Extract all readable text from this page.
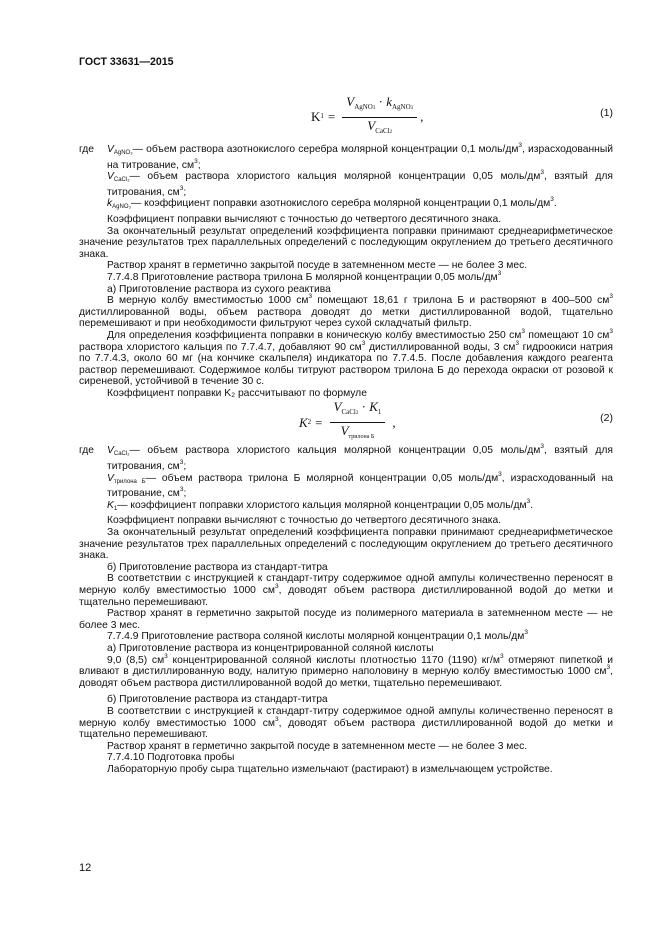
ГОСТ 33631—2015
K $1 = \frac{V_{AgNO3} \cdot k_{AgNO3}}{V_{CaCl2}}$ ,	(1)
где $V_{AgNO_3}—$ объем раствора азотнокислого серебра молярной концентрации 0,1 моль/$дм^3$, израсходованный на титрование, $см^3$;
$V_{CaCl_2}—$ объем раствора хлористого кальция молярной концентрации 0,05 моль/$дм^3$, взятый для титрования, $см^3$;
$k_{AgNO_3}—$ коэффициент поправки азотнокислого серебра молярной концентрации 0,1 моль/$дм^3$.

Коэффициент поправки вычисляют с точностью до четвертого десятичного знака.

За окончательный результат определений коэффициента поправки принимают среднеарифметическое значение результатов трех параллельных определений с последующим округлением до третьего десятичного знака.

Раствор хранят в герметично закрытой посуде в затемненном месте — не более 3 мес.

7.7.4.8 Приготовление раствора трилона Б молярной концентрации 0,05 моль/$дм^3$

а) Приготовление раствора из сухого реактива

В мерную колбу вместимостью 1000 $см^3$ помещают 18,61 г трилона Б и растворяют в 400–500 $см^3$ дистиллированной воды, объем раствора доводят до метки дистиллированной водой, тщательно перемешивают и при необходимости фильтруют через сухой складчатый фильтр.

Для определения коэффициента поправки в коническую колбу вместимостью 250 $см^3$ помещают 10 $см^3$ раствора хлористого кальция по 7.7.4.7, добавляют 90 $см^3$ дистиллированной воды, 3 $см^3$ гидроокиси натрия по 7.7.4.3, около 60 мг (на кончике скальпеля) индикатора по 7.7.4.5. После добавления каждого реагента раствор перемешивают. Содержимое колбы титруют раствором трилона Б до перехода окраски от розовой к сиреневой, устойчивой в течение 30 с.

Коэффициент поправки K₂ рассчитывают по формуле

K $2 = \frac{V_{CaCl2} \cdot K_1}{V_{трилона Б}}$ ,	(2)
где $V_{CaCl_2}—$ объем раствора хлористого кальция молярной концентрации 0,05 моль/$дм^3$, взятый для титрования, $см^3$;
$V_{трилона Б}—$ объем раствора трилона Б молярной концентрации 0,05 моль/$дм^3$, израсходованный на титрование, $см^3$;
$K_1—$ коэффициент поправки хлористого кальция молярной концентрации 0,05 моль/$дм^3$.

Коэффициент поправки вычисляют с точностью до четвертого десятичного знака.

За окончательный результат определений коэффициента поправки принимают среднеарифметическое значение результатов трех параллельных определений с последующим округлением до третьего десятичного знака.

б) Приготовление раствора из стандарт-титра

В соответствии с инструкцией к стандарт-титру содержимое одной ампулы количественно переносят в мерную колбу вместимостью 1000 $см^3$, доводят объем раствора дистиллированной водой до метки и тщательно перемешивают.

Раствор хранят в герметично закрытой посуде из полимерного материала в затемненном месте — не более 3 мес.

7.7.4.9 Приготовление раствора соляной кислоты молярной концентрации 0,1 моль/$дм^3$

а) Приготовление раствора из концентрированной соляной кислоты

9,0 (8,5) $см^3$ концентрированной соляной кислоты плотностью 1170 (1190) $кг/м^3$ отмеряют пипеткой и вливают в дистиллированную воду, налитую примерно наполовину в мерную колбу вместимостью 1000 $см^3$, доводят объем раствора дистиллированной водой до метки, тщательно перемешивают.

б) Приготовление раствора из стандарт-титра

В соответствии с инструкцией к стандарт-титру содержимое одной ампулы количественно переносят в мерную колбу вместимостью 1000 $см^3$, доводят объем раствора дистиллированной водой до метки и тщательно перемешивают.

Раствор хранят в герметично закрытой посуде в затемненном месте — не более 3 мес.

7.7.4.10 Подготовка пробы

Лабораторную пробу сыра тщательно измельчают (растирают) в измельчающем устройстве.

12
